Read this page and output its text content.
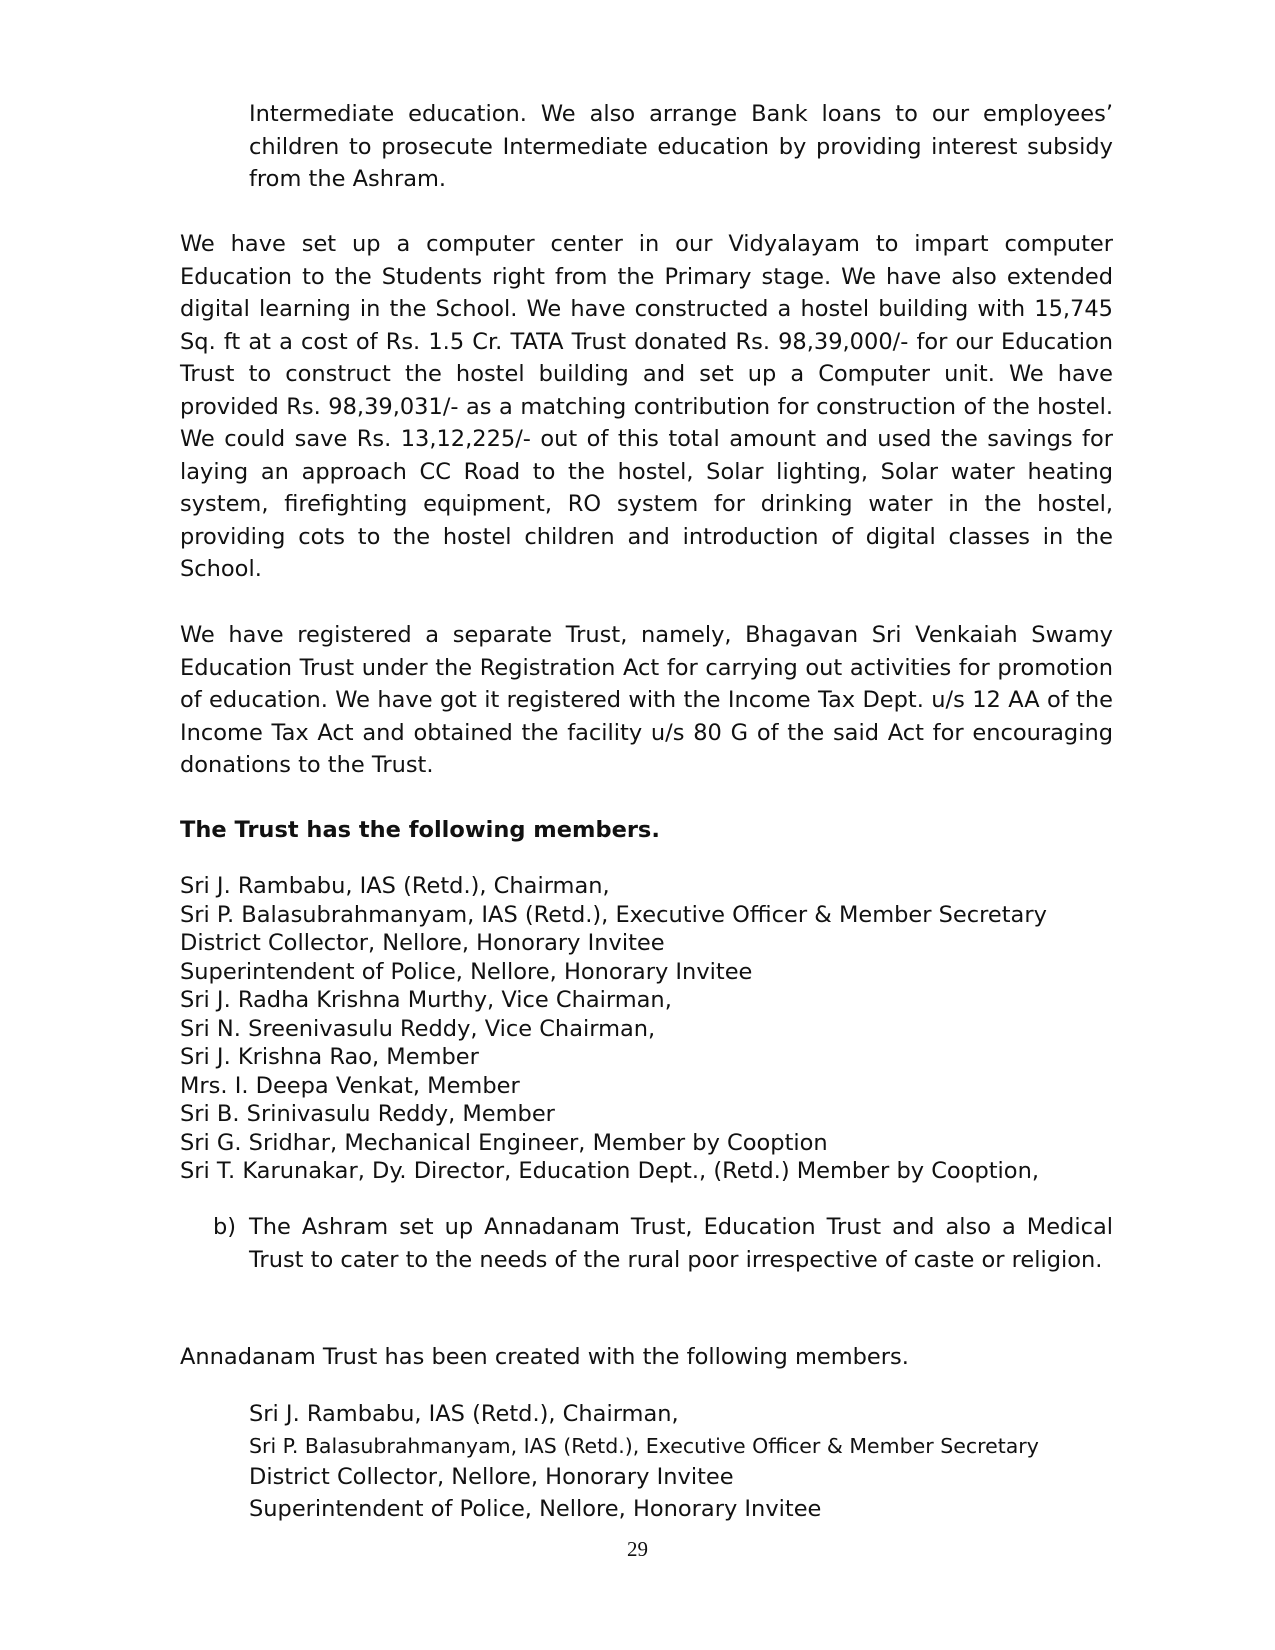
Intermediate education. We also arrange Bank loans to our employees’ children to prosecute Intermediate education by providing interest subsidy from the Ashram.

We have set up a computer center in our Vidyalayam to impart computer Education to the Students right from the Primary stage. We have also extended digital learning in the School. We have constructed a hostel building with 15,745 Sq. ft at a cost of Rs. 1.5 Cr. TATA Trust donated Rs. 98,39,000/- for our Education Trust to construct the hostel building and set up a Computer unit. We have provided Rs. 98,39,031/- as a matching contribution for construction of the hostel. We could save Rs. 13,12,225/- out of this total amount and used the savings for laying an approach CC Road to the hostel, Solar lighting, Solar water heating system, firefighting equipment, RO system for drinking water in the hostel, providing cots to the hostel children and introduction of digital classes in the School.

We have registered a separate Trust, namely, Bhagavan Sri Venkaiah Swamy Education Trust under the Registration Act for carrying out activities for promotion of education. We have got it registered with the Income Tax Dept. u/s 12 AA of the Income Tax Act and obtained the facility u/s 80 G of the said Act for encouraging donations to the Trust.

The Trust has the following members.
Sri J. Rambabu, IAS (Retd.), Chairman,
Sri P. Balasubrahmanyam, IAS (Retd.), Executive Officer & Member Secretary
District Collector, Nellore, Honorary Invitee
Superintendent of Police, Nellore, Honorary Invitee
Sri J. Radha Krishna Murthy, Vice Chairman,
Sri N. Sreenivasulu Reddy, Vice Chairman,
Sri J. Krishna Rao, Member
Mrs. I. Deepa Venkat, Member
Sri B. Srinivasulu Reddy, Member
Sri G. Sridhar, Mechanical Engineer, Member by Cooption
Sri T. Karunakar, Dy. Director, Education Dept., (Retd.) Member by Cooption,
b) The Ashram set up Annadanam Trust, Education Trust and also a Medical Trust to cater to the needs of the rural poor irrespective of caste or religion.

Annadanam Trust has been created with the following members.

Sri J. Rambabu, IAS (Retd.), Chairman,
Sri P. Balasubrahmanyam, IAS (Retd.), Executive Officer & Member Secretary
District Collector, Nellore, Honorary Invitee
Superintendent of Police, Nellore, Honorary Invitee
29
